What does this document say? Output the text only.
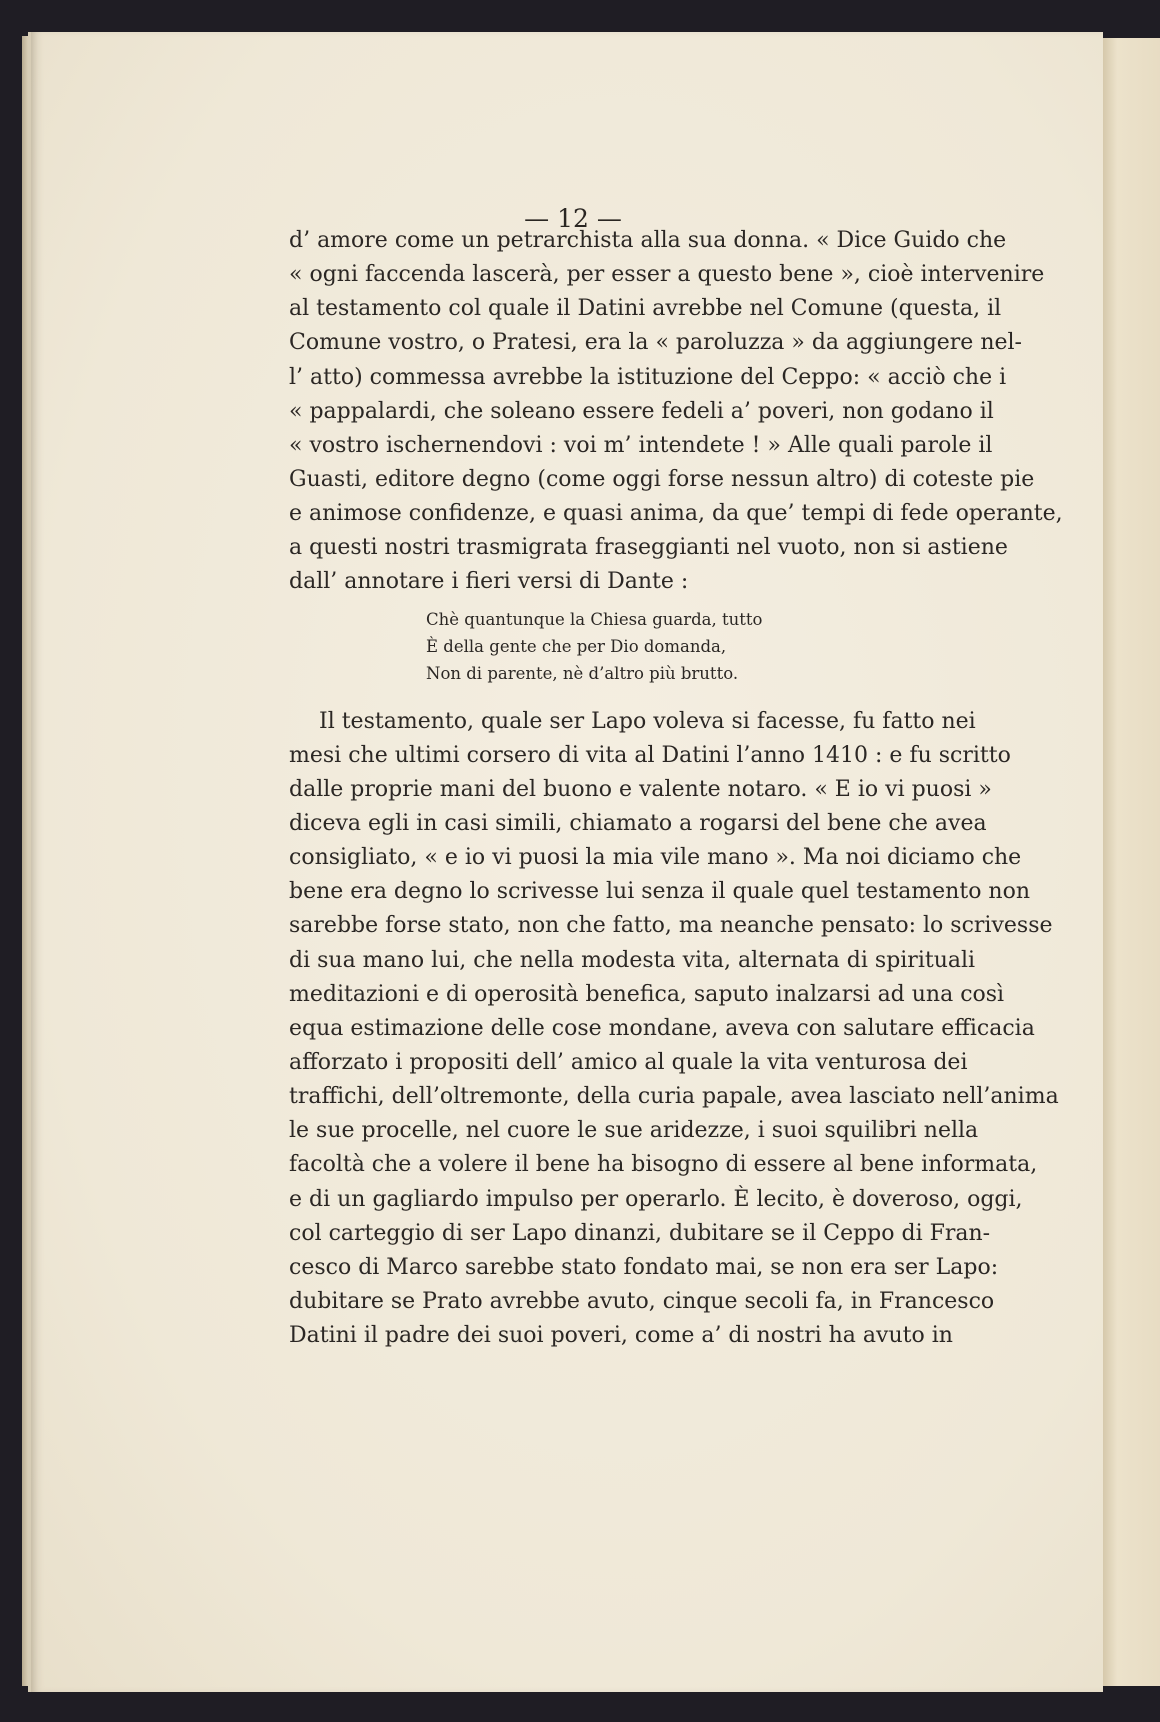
— 12 —
d’ amore come un petrarchista alla sua donna. « Dice Guido che
« ogni faccenda lascerà, per esser a questo bene », cioè intervenire
al testamento col quale il Datini avrebbe nel Comune (questa, il
Comune vostro, o Pratesi, era la « paroluzza » da aggiungere nel-
l’ atto) commessa avrebbe la istituzione del Ceppo: « acciò che i
« pappalardi, che soleano essere fedeli a’ poveri, non godano il
« vostro ischernendovi : voi m’ intendete ! » Alle quali parole il
Guasti, editore degno (come oggi forse nessun altro) di coteste pie
e animose confidenze, e quasi anima, da que’ tempi di fede operante,
a questi nostri trasmigrata fraseggianti nel vuoto, non si astiene
dall’ annotare i fieri versi di Dante :
Chè quantunque la Chiesa guarda, tutto
È della gente che per Dio domanda,
Non di parente, nè d’altro più brutto.
Il testamento, quale ser Lapo voleva si facesse, fu fatto nei
mesi che ultimi corsero di vita al Datini l’anno 1410 : e fu scritto
dalle proprie mani del buono e valente notaro. « E io vi puosi »
diceva egli in casi simili, chiamato a rogarsi del bene che avea
consigliato, « e io vi puosi la mia vile mano ». Ma noi diciamo che
bene era degno lo scrivesse lui senza il quale quel testamento non
sarebbe forse stato, non che fatto, ma neanche pensato: lo scrivesse
di sua mano lui, che nella modesta vita, alternata di spirituali
meditazioni e di operosità benefica, saputo inalzarsi ad una così
equa estimazione delle cose mondane, aveva con salutare efficacia
afforzato i propositi dell’ amico al quale la vita venturosa dei
traffichi, dell’oltremonte, della curia papale, avea lasciato nell’anima
le sue procelle, nel cuore le sue aridezze, i suoi squilibri nella
facoltà che a volere il bene ha bisogno di essere al bene informata,
e di un gagliardo impulso per operarlo. È lecito, è doveroso, oggi,
col carteggio di ser Lapo dinanzi, dubitare se il Ceppo di Fran-
cesco di Marco sarebbe stato fondato mai, se non era ser Lapo:
dubitare se Prato avrebbe avuto, cinque secoli fa, in Francesco
Datini il padre dei suoi poveri, come a’ di nostri ha avuto in
